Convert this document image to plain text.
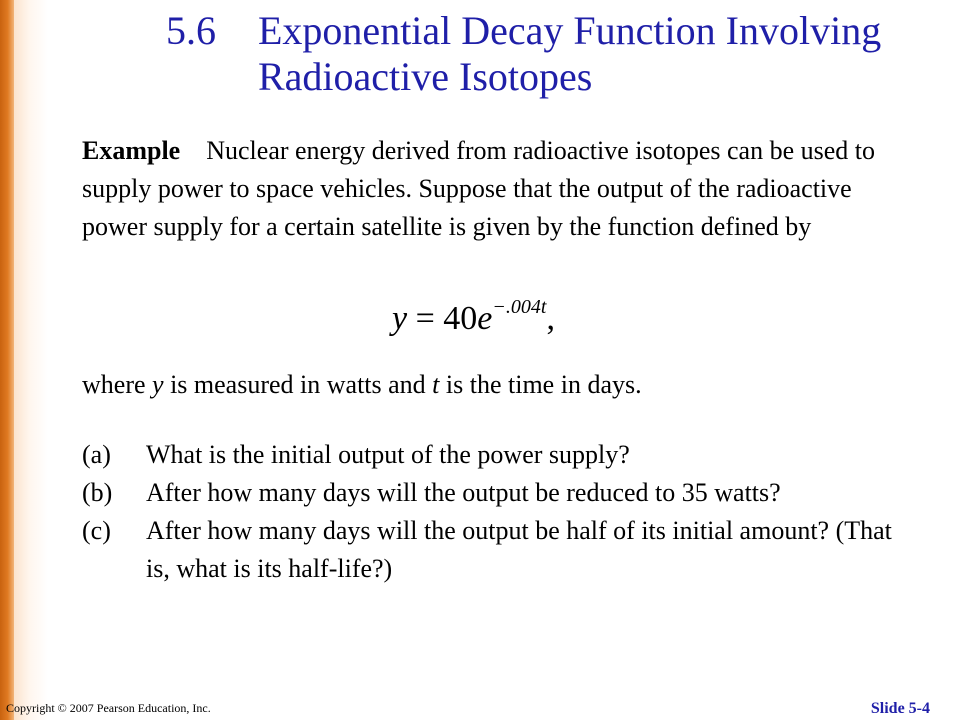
5.6 Exponential Decay Function Involving Radioactive Isotopes
Example Nuclear energy derived from radioactive isotopes can be used to supply power to space vehicles. Suppose that the output of the radioactive power supply for a certain satellite is given by the function defined by
$y = 40e^{-.004t}$,
where y is measured in watts and t is the time in days.
(a)	What is the initial output of the power supply?
(b)	After how many days will the output be reduced to 35 watts?
(c)	After how many days will the output be half of its initial amount? (That is, what is its half-life?)
Copyright © 2007 Pearson Education, Inc.	Slide 5-4
